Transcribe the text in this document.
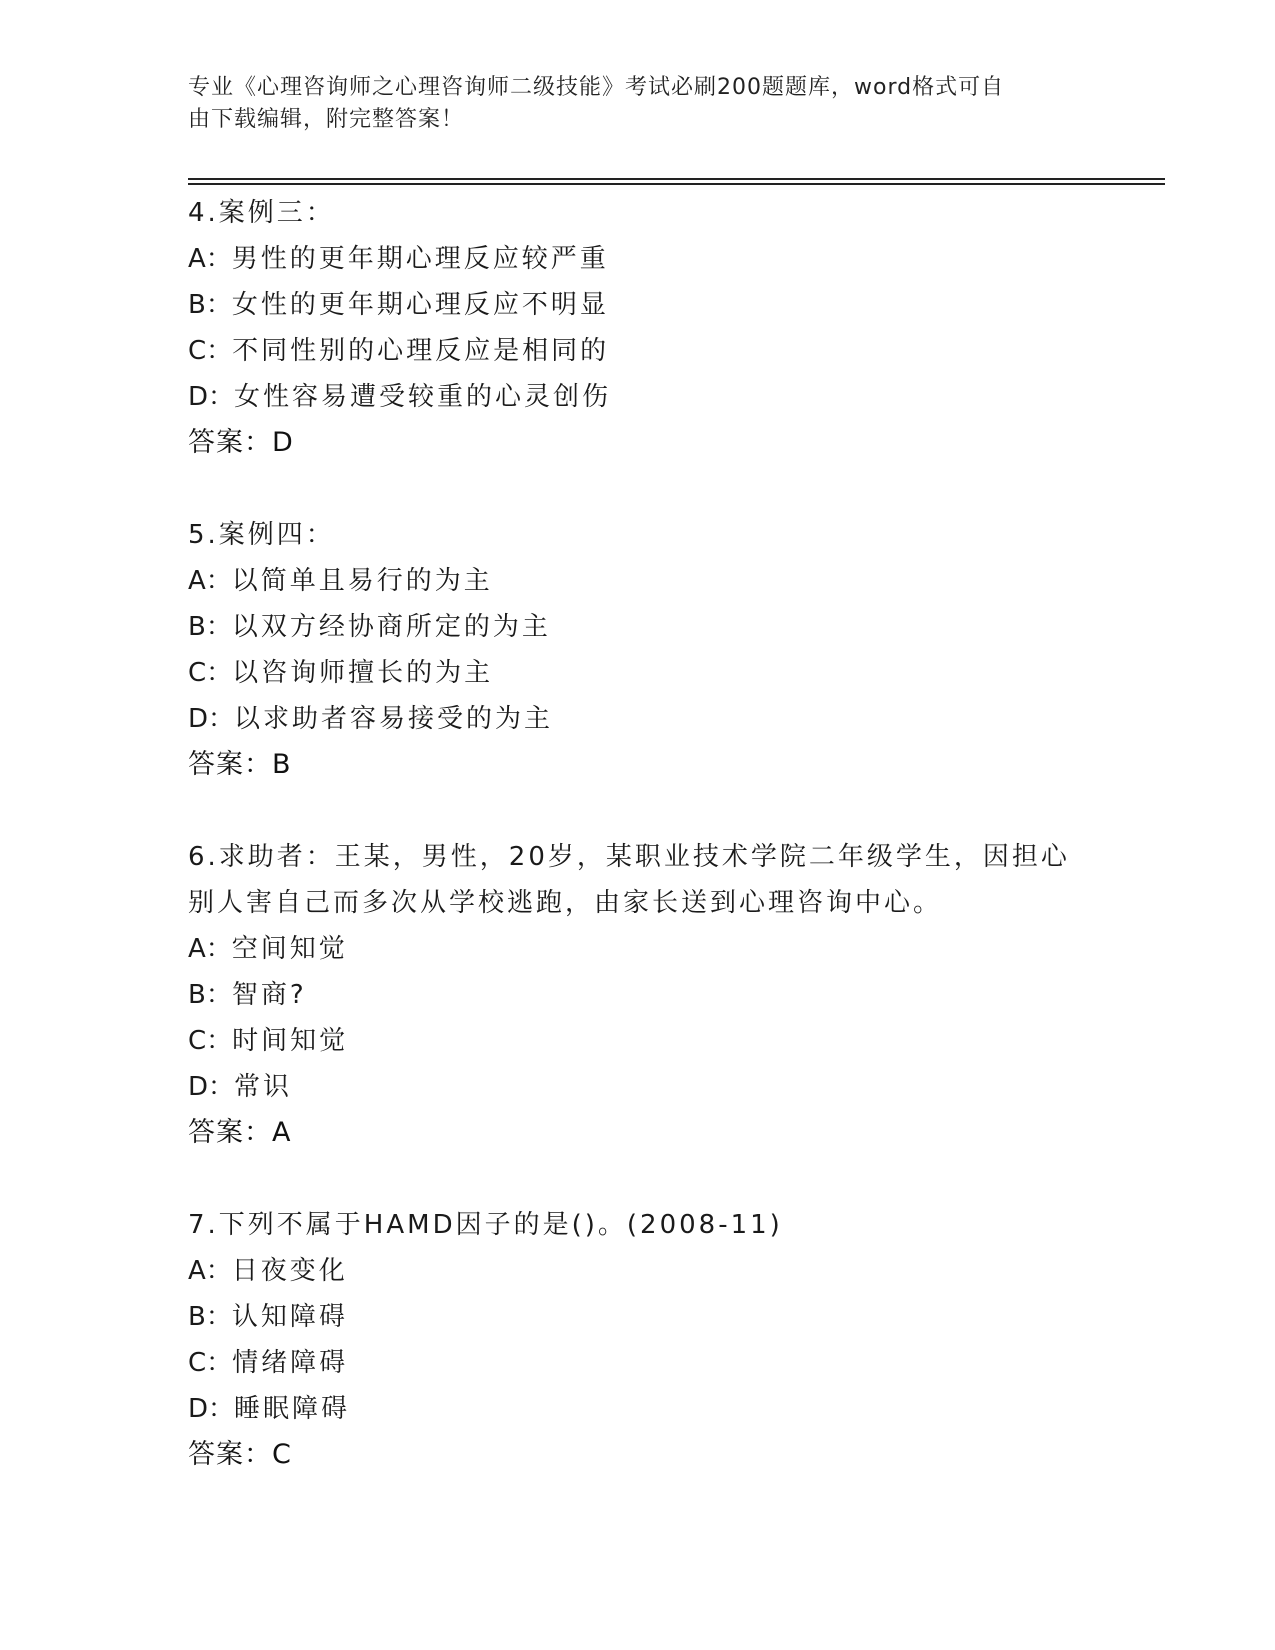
专业《心理咨询师之心理咨询师二级技能》考试必刷200题题库，word格式可自
由下载编辑，附完整答案！
4.案例三：
A：男性的更年期心理反应较严重
B：女性的更年期心理反应不明显
C：不同性别的心理反应是相同的
D：女性容易遭受较重的心灵创伤
答案：D
5.案例四：
A：以简单且易行的为主
B：以双方经协商所定的为主
C：以咨询师擅长的为主
D：以求助者容易接受的为主
答案：B
6.求助者：王某，男性，20岁，某职业技术学院二年级学生，因担心
别人害自己而多次从学校逃跑，由家长送到心理咨询中心。
A：空间知觉
B：智商?
C：时间知觉
D：常识
答案：A
7.下列不属于HAMD因子的是()。(2008-11)
A：日夜变化
B：认知障碍
C：情绪障碍
D：睡眠障碍
答案：C
